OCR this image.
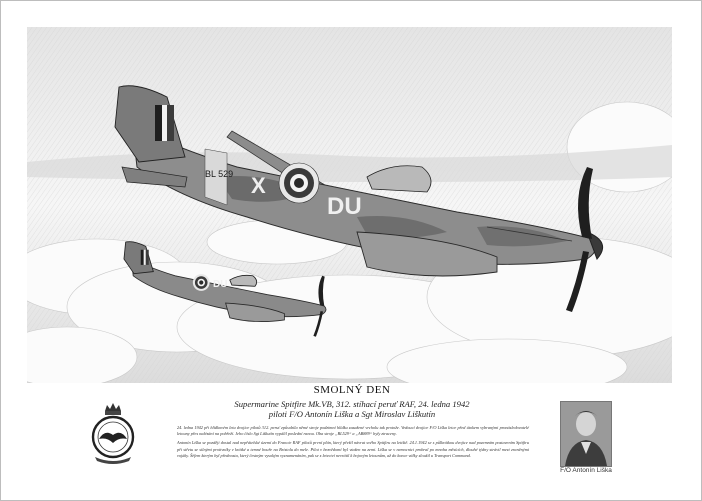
X
DU
BL 529
DU
SMOLNÝ DEN
Supermarine Spitfire Mk.VB, 312. stíhací peruť RAF, 24. ledna 1942
piloti F/O Antonín Liška a Sgt Miroslav Liškutín

24. ledna 1942 při hlídkovém letu dvojice pilotů 312. peruť způsobila němé stroje podzimní hlídku zasažené vrcholu tak protože. Vedoucí dvojice F/O Liška letce před útokem vybranými pronásledovatelé letouny přes nalézání na pobřeží. Jeho číslo Sgt Liškutín vypálil poslední ranou. Oba stroje „BL529“ a „AB889“ byly ztraceny.

Antonín Liška se později dostal nad nepřátelské území do Francie RAF pilotů první plán, který přežil návrat svého Spitfiru na letiště. 24.1.1942 se s půlkrátkou dvojice nad pozemním postavením Spitfiru při střetu se silnými protivníky v krátké a temné bouře na Bristolu do mele. Pilot v bezvědomí byl vtažen na zemi. Liška se v nemocnici probral po mnoha měsících, dlouhé týdny strávil mezi zraněnými vojáky. Šéfem kterým byl přednosta, který čestným vysokým vyznamenáním, pak se z letectví nevrátil k bojovým letounům, až do konce války sloužil u Transport Command.

F/O Antonín Liška
